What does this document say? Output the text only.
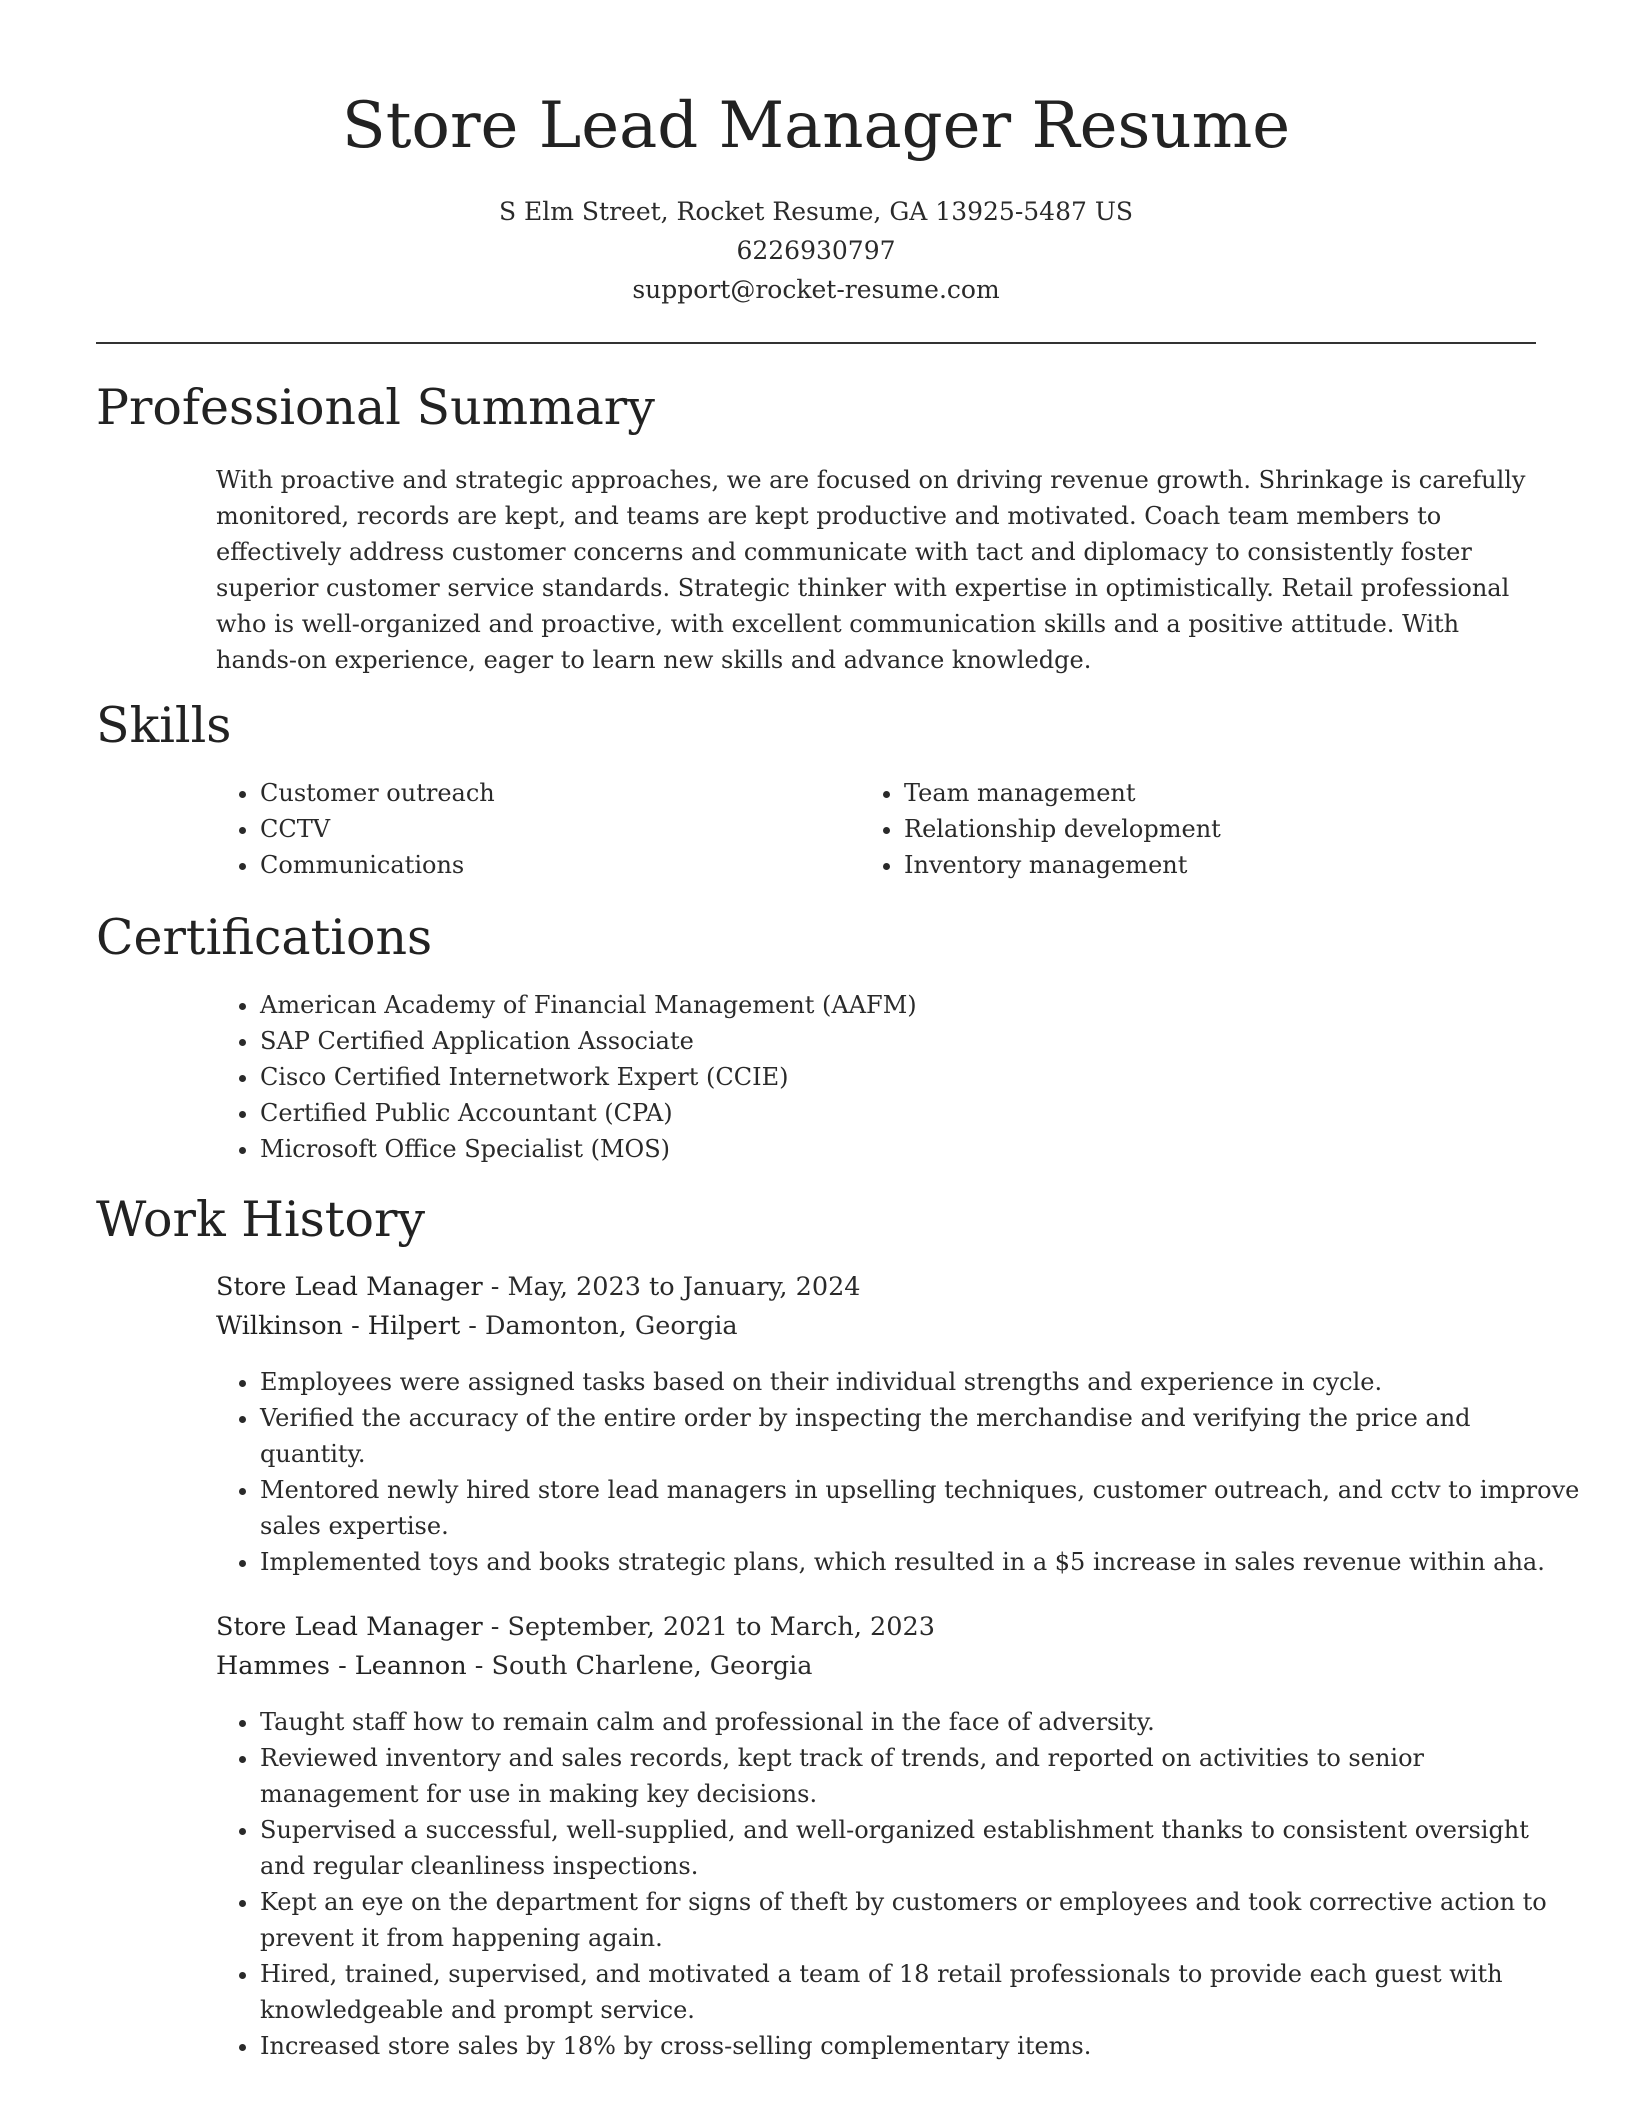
Store Lead Manager Resume
S Elm Street, Rocket Resume, GA 13925-5487 US
6226930797
support@rocket-resume.com
Professional Summary

With proactive and strategic approaches, we are focused on driving revenue growth. Shrinkage is carefully monitored, records are kept, and teams are kept productive and motivated. Coach team members to effectively address customer concerns and communicate with tact and diplomacy to consistently foster superior customer service standards. Strategic thinker with expertise in optimistically. Retail professional who is well-organized and proactive, with excellent communication skills and a positive attitude. With hands-on experience, eager to learn new skills and advance knowledge.

Skills
• Customer outreach
• CCTV
• Communications
• Team management
• Relationship development
• Inventory management
Certifications
• American Academy of Financial Management (AAFM)
• SAP Certified Application Associate
• Cisco Certified Internetwork Expert (CCIE)
• Certified Public Accountant (CPA)
• Microsoft Office Specialist (MOS)
Work History
Store Lead Manager - May, 2023 to January, 2024
Wilkinson - Hilpert - Damonton, Georgia
• Employees were assigned tasks based on their individual strengths and experience in cycle.
• Verified the accuracy of the entire order by inspecting the merchandise and verifying the price and quantity.
• Mentored newly hired store lead managers in upselling techniques, customer outreach, and cctv to improve sales expertise.
• Implemented toys and books strategic plans, which resulted in a $5 increase in sales revenue within aha.
Store Lead Manager - September, 2021 to March, 2023
Hammes - Leannon - South Charlene, Georgia
• Taught staff how to remain calm and professional in the face of adversity.
• Reviewed inventory and sales records, kept track of trends, and reported on activities to senior management for use in making key decisions.
• Supervised a successful, well-supplied, and well-organized establishment thanks to consistent oversight and regular cleanliness inspections.
• Kept an eye on the department for signs of theft by customers or employees and took corrective action to prevent it from happening again.
• Hired, trained, supervised, and motivated a team of 18 retail professionals to provide each guest with knowledgeable and prompt service.
• Increased store sales by 18% by cross-selling complementary items.
